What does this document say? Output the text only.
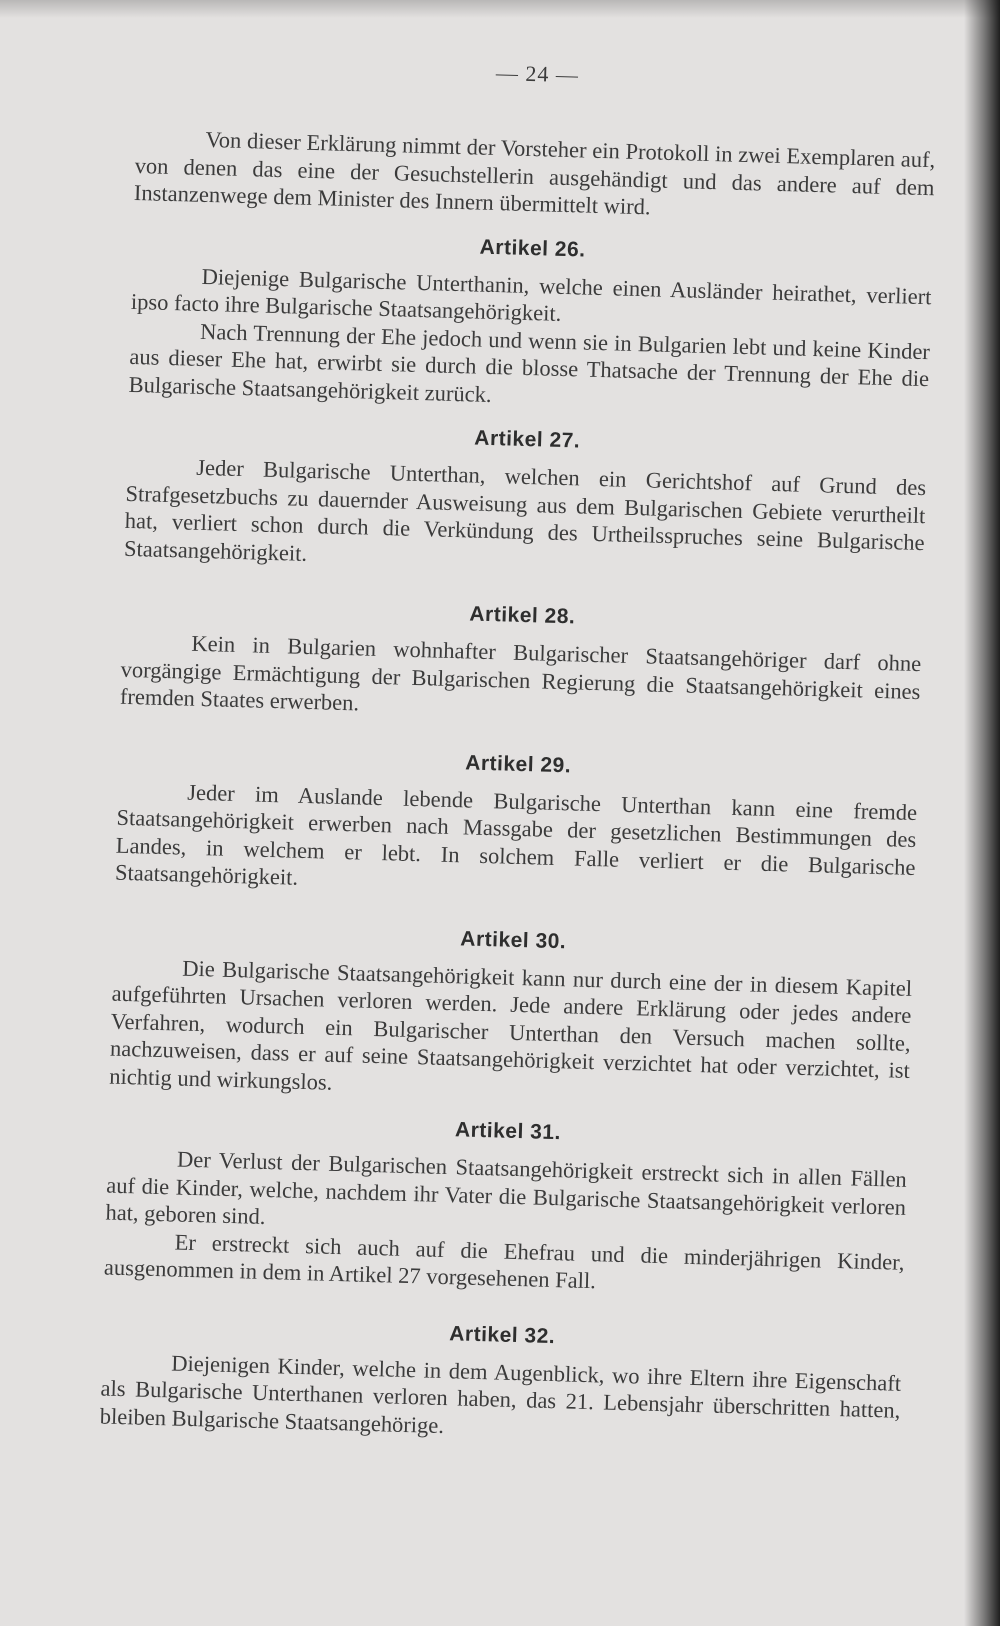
— 24 —

Von dieser Erklärung nimmt der Vorsteher ein Protokoll in zwei Exemplaren auf, von denen das eine der Gesuchstellerin ausgehändigt und das andere auf dem Instanzenwege dem Minister des Innern übermittelt wird.

Artikel 26.

Diejenige Bulgarische Unterthanin, welche einen Ausländer heirathet, verliert ipso facto ihre Bulgarische Staatsangehörigkeit.

Nach Trennung der Ehe jedoch und wenn sie in Bulgarien lebt und keine Kinder aus dieser Ehe hat, erwirbt sie durch die blosse Thatsache der Trennung der Ehe die Bulgarische Staatsangehörigkeit zurück.

Artikel 27.

Jeder Bulgarische Unterthan, welchen ein Gerichtshof auf Grund des Strafgesetzbuchs zu dauernder Ausweisung aus dem Bulgarischen Gebiete verurtheilt hat, verliert schon durch die Verkündung des Urtheilsspruches seine Bulgarische Staatsangehörigkeit.

Artikel 28.

Kein in Bulgarien wohnhafter Bulgarischer Staatsangehöriger darf ohne vorgängige Ermächtigung der Bulgarischen Regierung die Staatsangehörigkeit eines fremden Staates erwerben.

Artikel 29.

Jeder im Auslande lebende Bulgarische Unterthan kann eine fremde Staatsangehörigkeit erwerben nach Massgabe der gesetzlichen Bestimmungen des Landes, in welchem er lebt. In solchem Falle verliert er die Bulgarische Staatsangehörigkeit.

Artikel 30.

Die Bulgarische Staatsangehörigkeit kann nur durch eine der in diesem Kapitel aufgeführten Ursachen verloren werden. Jede andere Erklärung oder jedes andere Verfahren, wodurch ein Bulgarischer Unterthan den Versuch machen sollte, nachzuweisen, dass er auf seine Staatsangehörigkeit verzichtet hat oder verzichtet, ist nichtig und wirkungslos.

Artikel 31.

Der Verlust der Bulgarischen Staatsangehörigkeit erstreckt sich in allen Fällen auf die Kinder, welche, nachdem ihr Vater die Bulgarische Staatsangehörigkeit verloren hat, geboren sind.

Er erstreckt sich auch auf die Ehefrau und die minderjährigen Kinder, ausgenommen in dem in Artikel 27 vorgesehenen Fall.

Artikel 32.

Diejenigen Kinder, welche in dem Augenblick, wo ihre Eltern ihre Eigenschaft als Bulgarische Unterthanen verloren haben, das 21. Lebensjahr überschritten hatten, bleiben Bulgarische Staatsangehörige.
